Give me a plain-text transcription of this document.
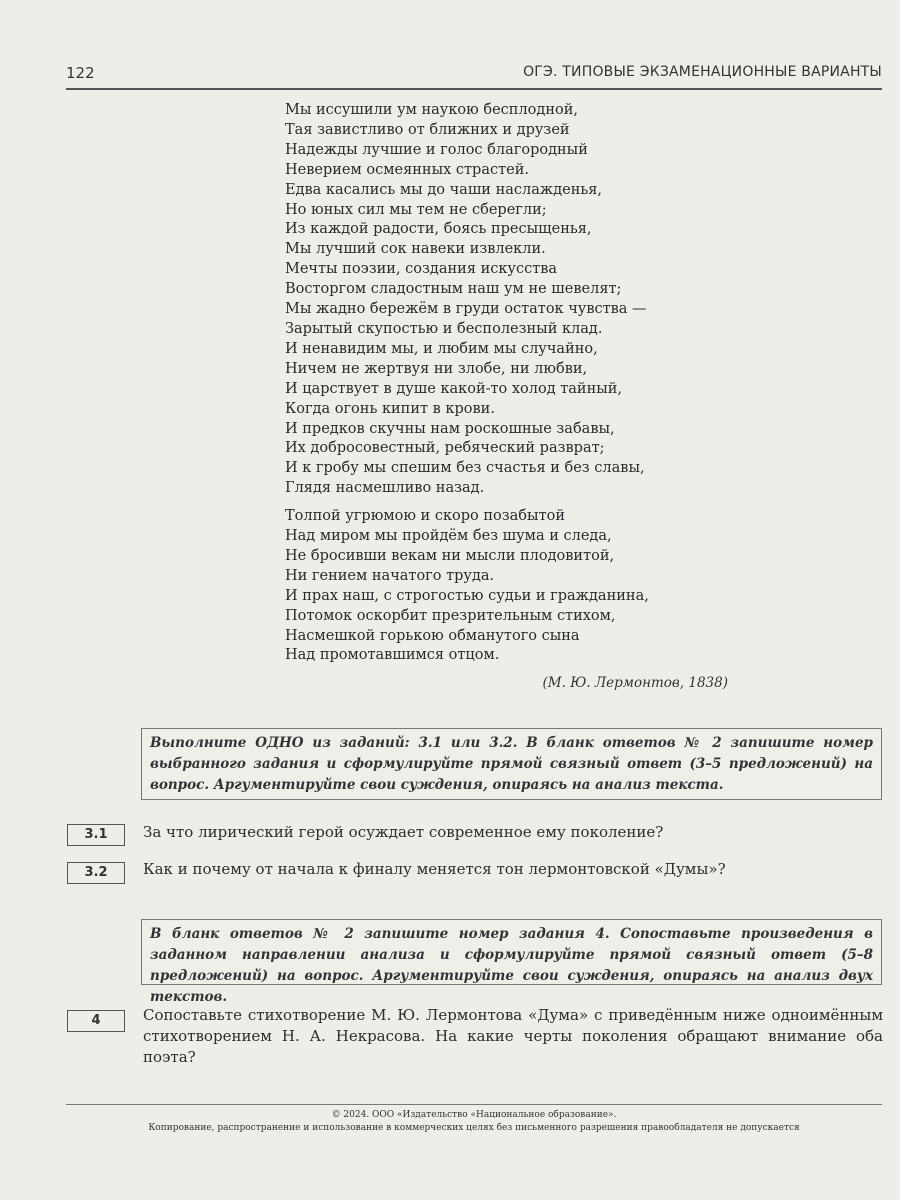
122	ОГЭ. ТИПОВЫЕ ЭКЗАМЕНАЦИОННЫЕ ВАРИАНТЫ
Мы иссушили ум наукою бесплодной,
Тая завистливо от ближних и друзей
Надежды лучшие и голос благородный
Неверием осмеянных страстей.
Едва касались мы до чаши наслажденья,
Но юных сил мы тем не сберегли;
Из каждой радости, боясь пресыщенья,
Мы лучший сок навеки извлекли.
Мечты поэзии, создания искусства
Восторгом сладостным наш ум не шевелят;
Мы жадно бережём в груди остаток чувства —
Зарытый скупостью и бесполезный клад.
И ненавидим мы, и любим мы случайно,
Ничем не жертвуя ни злобе, ни любви,
И царствует в душе какой-то холод тайный,
Когда огонь кипит в крови.
И предков скучны нам роскошные забавы,
Их добросовестный, ребяческий разврат;
И к гробу мы спешим без счастья и без славы,
Глядя насмешливо назад.
Толпой угрюмою и скоро позабытой
Над миром мы пройдём без шума и следа,
Не бросивши векам ни мысли плодовитой,
Ни гением начатого труда.
И прах наш, с строгостью судьи и гражданина,
Потомок оскорбит презрительным стихом,
Насмешкой горькою обманутого сына
Над промотавшимся отцом.
(М. Ю. Лермонтов, 1838)
Выполните ОДНО из заданий: 3.1 или 3.2. В бланк ответов № 2 запишите номер выбранного задания и сформулируйте прямой связный ответ (3–5 предложений) на вопрос. Аргументируйте свои суждения, опираясь на анализ текста.
3.1	За что лирический герой осуждает современное ему поколение?
3.2	Как и почему от начала к финалу меняется тон лермонтовской «Думы»?
В бланк ответов № 2 запишите номер задания 4. Сопоставьте произведения в заданном направлении анализа и сформулируйте прямой связный ответ (5–8 предложений) на вопрос. Аргументируйте свои суждения, опираясь на анализ двух текстов.
4	Сопоставьте стихотворение М. Ю. Лермонтова «Дума» с приведённым ниже одноимённым стихотворением Н. А. Некрасова. На какие черты поколения обращают внимание оба поэта?
© 2024. ООО «Издательство «Национальное образование».
Копирование, распространение и использование в коммерческих целях без письменного разрешения правообладателя не допускается
